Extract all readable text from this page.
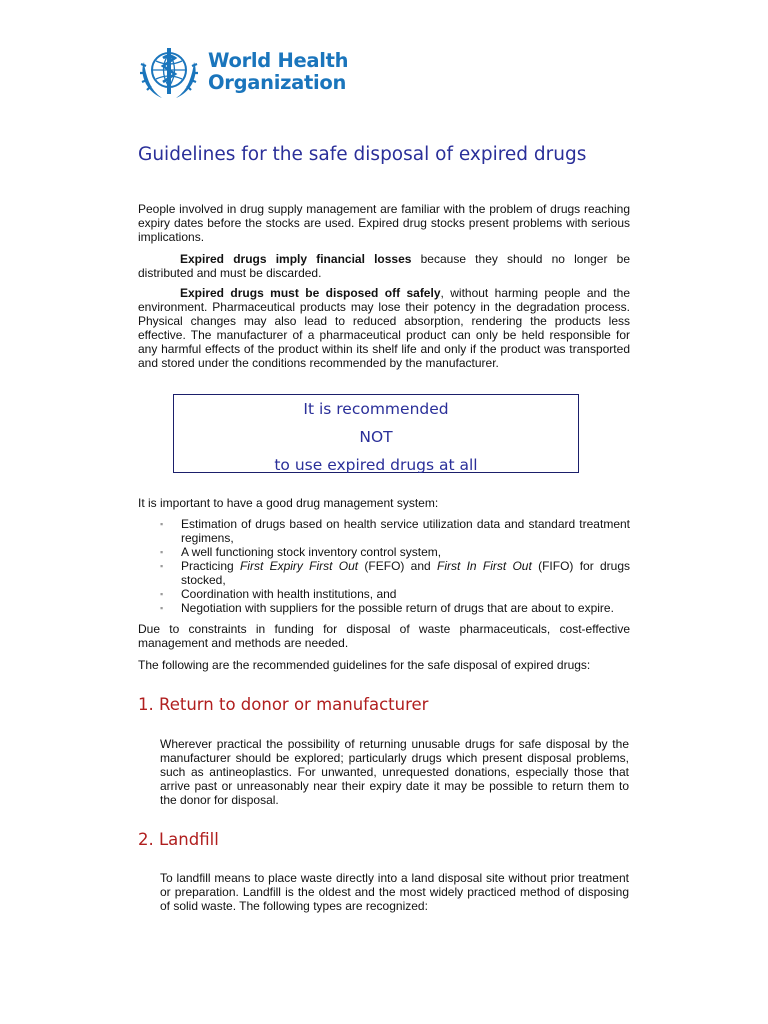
World Health
Organization
Guidelines for the safe disposal of expired drugs
People involved in drug supply management are familiar with the problem of drugs reaching expiry dates before the stocks are used. Expired drug stocks present problems with serious implications.
Expired drugs imply financial losses because they should no longer be distributed and must be discarded.
Expired drugs must be disposed off safely, without harming people and the environment. Pharmaceutical products may lose their potency in the degradation process. Physical changes may also lead to reduced absorption, rendering the products less effective. The manufacturer of a pharmaceutical product can only be held responsible for any harmful effects of the product within its shelf life and only if the product was transported and stored under the conditions recommended by the manufacturer.
It is recommended
NOT
to use expired drugs at all
It is important to have a good drug management system:
▪ Estimation of drugs based on health service utilization data and standard treatment regimens,
▪ A well functioning stock inventory control system,
▪ Practicing First Expiry First Out (FEFO) and First In First Out (FIFO) for drugs stocked,
▪ Coordination with health institutions, and
▪ Negotiation with suppliers for the possible return of drugs that are about to expire.
Due to constraints in funding for disposal of waste pharmaceuticals, cost-effective management and methods are needed.
The following are the recommended guidelines for the safe disposal of expired drugs:
1. Return to donor or manufacturer
Wherever practical the possibility of returning unusable drugs for safe disposal by the manufacturer should be explored; particularly drugs which present disposal problems, such as antineoplastics. For unwanted, unrequested donations, especially those that arrive past or unreasonably near their expiry date it may be possible to return them to the donor for disposal.
2. Landfill
To landfill means to place waste directly into a land disposal site without prior treatment or preparation. Landfill is the oldest and the most widely practiced method of disposing of solid waste. The following types are recognized:
